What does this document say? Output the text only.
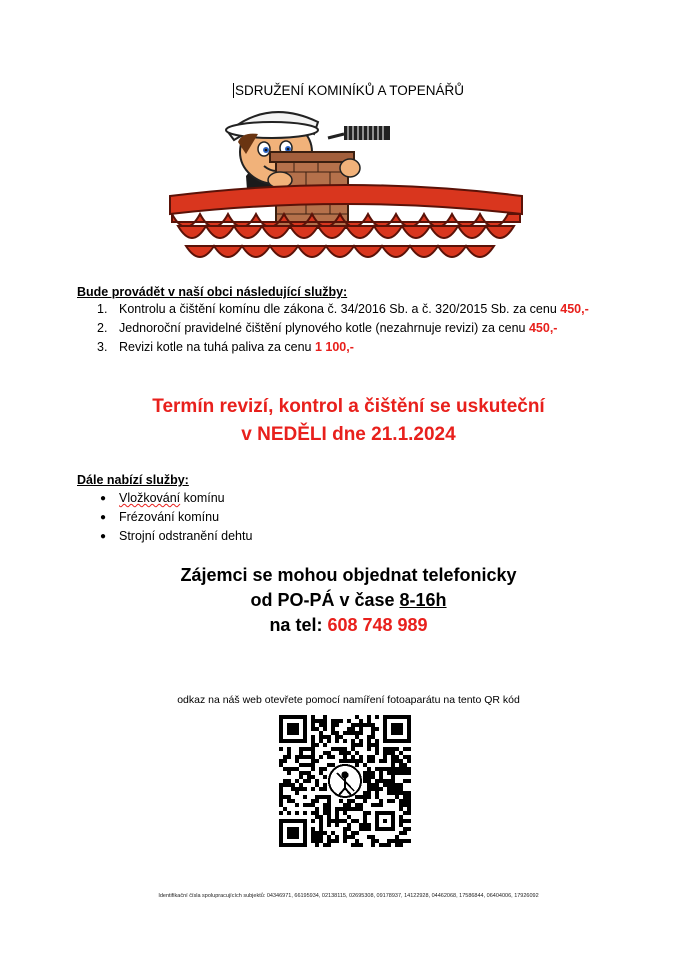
SDRUŽENÍ KOMINÍKŮ A TOPENÁŘŮ
Bude provádět v naší obci následující služby:
1. Kontrolu a čištění komínu dle zákona č. 34/2016 Sb. a č. 320/2015 Sb. za cenu 450,-
2. Jednoroční pravidelné čištění plynového kotle (nezahrnuje revizi) za cenu 450,-
3. Revizi kotle na tuhá paliva za cenu 1 100,-
Termín revizí, kontrol a čištění se uskuteční
v NEDĚLI dne 21.1.2024
Dále nabízí služby:
●	Vložkování komínu
●	Frézování komínu
●	Strojní odstranění dehtu
Zájemci se mohou objednat telefonicky
od PO-PÁ v čase 8-16h
na tel: 608 748 989
odkaz na náš web otevřete pomocí namíření fotoaparátu na tento QR kód
Identifikační čísla spolupracujících subjektů: 04346971, 66195934, 02138115, 02695308, 09178937, 14122928, 04462068, 17586844, 06404006, 17926092
